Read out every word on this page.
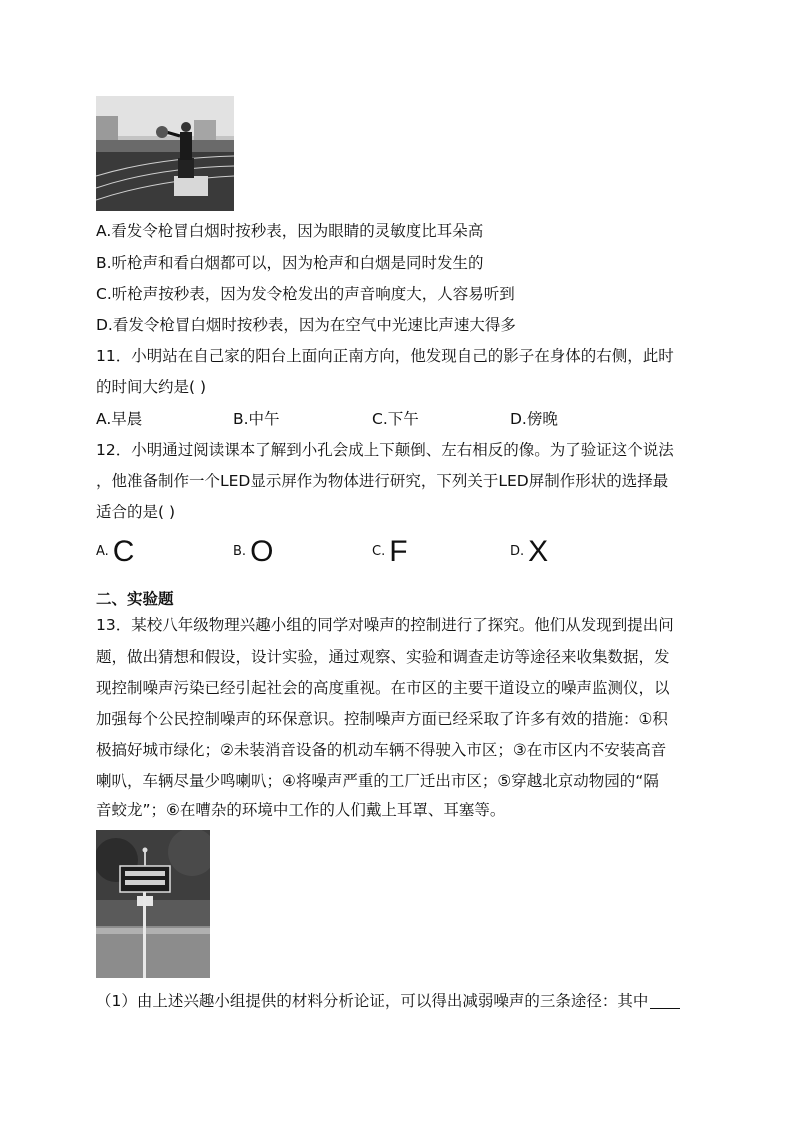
A.看发令枪冒白烟时按秒表，因为眼睛的灵敏度比耳朵高
B.听枪声和看白烟都可以，因为枪声和白烟是同时发生的
C.听枪声按秒表，因为发令枪发出的声音响度大，人容易听到
D.看发令枪冒白烟时按秒表，因为在空气中光速比声速大得多
11．小明站在自己家的阳台上面向正南方向，他发现自己的影子在身体的右侧，此时
的时间大约是( )
A.早晨	B.中午	C.下午	D.傍晚
12．小明通过阅读课本了解到小孔会成上下颠倒、左右相反的像。为了验证这个说法
，他准备制作一个LED显示屏作为物体进行研究，下列关于LED屏制作形状的选择最
适合的是( )
$^{A.}$ C	$^{B.}$ O	$^{C.}$ F	$^{D.}$ X
二、实验题
13．某校八年级物理兴趣小组的同学对噪声的控制进行了探究。他们从发现到提出问
题，做出猜想和假设，设计实验，通过观察、实验和调查走访等途径来收集数据，发
现控制噪声污染已经引起社会的高度重视。在市区的主要干道设立的噪声监测仪，以
加强每个公民控制噪声的环保意识。控制噪声方面已经采取了许多有效的措施：①积
极搞好城市绿化；②未装消音设备的机动车辆不得驶入市区；③在市区内不安装高音
喇叭，车辆尽量少鸣喇叭；④将噪声严重的工厂迁出市区；⑤穿越北京动物园的“隔
音蛟龙”；⑥在嘈杂的环境中工作的人们戴上耳罩、耳塞等。
（1）由上述兴趣小组提供的材料分析论证，可以得出减弱噪声的三条途径：其中
